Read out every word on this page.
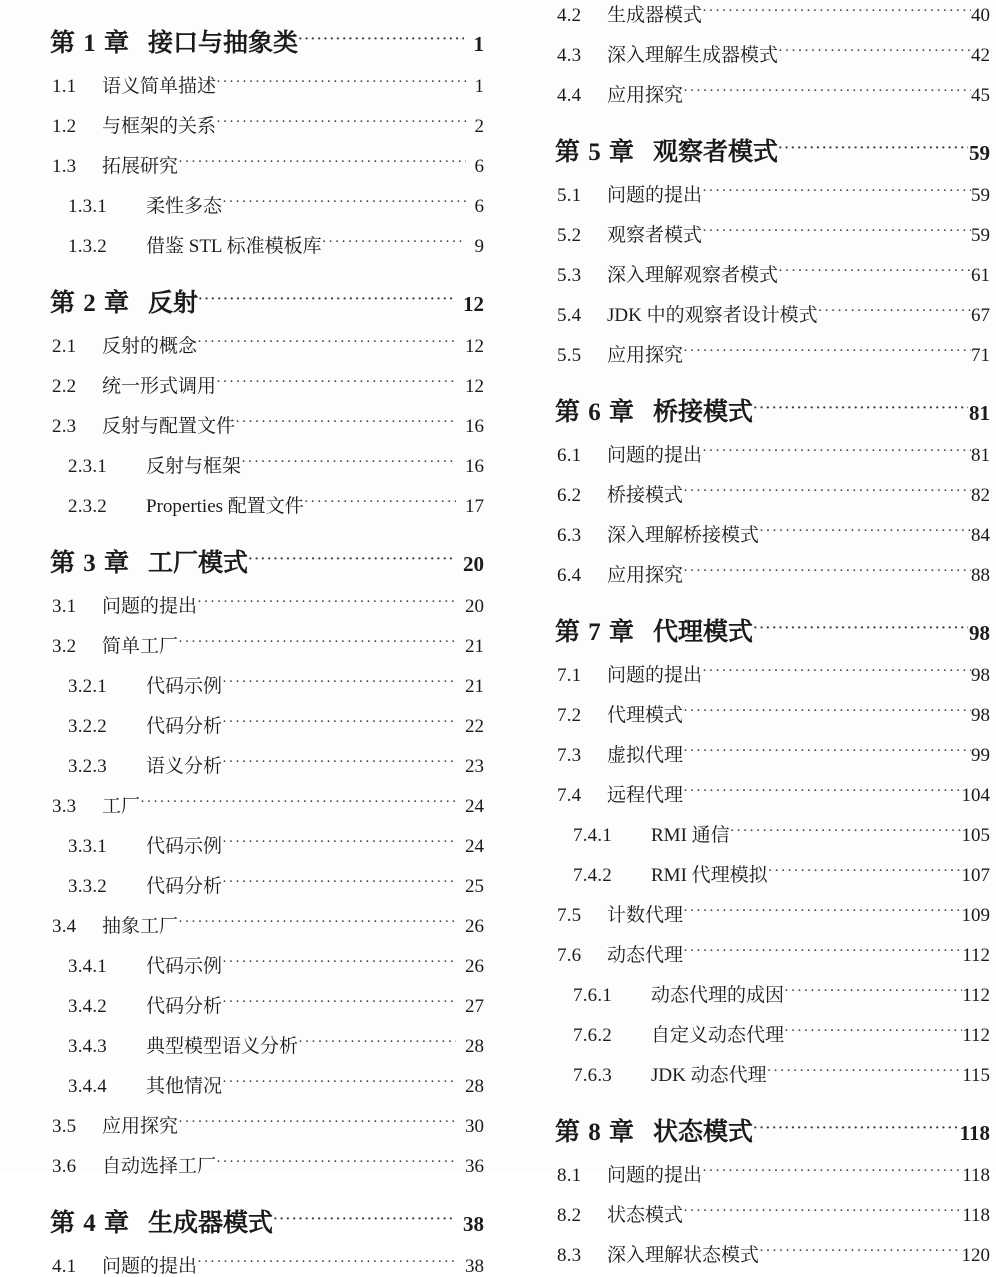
第 1 章 接口与抽象类 ·····	1
1.1	语义简单描述 ·····	1
1.2	与框架的关系 ·····	2
1.3	拓展研究 ·····	6
1.3.1	柔性多态 ·····	6
1.3.2	借鉴 STL 标准模板库 ·····	9
第 2 章 反射 ·····	12
2.1	反射的概念 ·····	12
2.2	统一形式调用 ·····	12
2.3	反射与配置文件 ·····	16
2.3.1	反射与框架 ·····	16
2.3.2	Properties 配置文件 ·····	17
第 3 章 工厂模式 ·····	20
3.1	问题的提出 ·····	20
3.2	简单工厂 ·····	21
3.2.1	代码示例 ·····	21
3.2.2	代码分析 ·····	22
3.2.3	语义分析 ·····	23
3.3	工厂 ·····	24
3.3.1	代码示例 ·····	24
3.3.2	代码分析 ·····	25
3.4	抽象工厂 ·····	26
3.4.1	代码示例 ·····	26
3.4.2	代码分析 ·····	27
3.4.3	典型模型语义分析 ·····	28
3.4.4	其他情况 ·····	28
3.5	应用探究 ·····	30
3.6	自动选择工厂 ·····	36
第 4 章 生成器模式 ·····	38
4.1	问题的提出 ·····	38
4.2	生成器模式 ·····	40
4.3	深入理解生成器模式 ·····	42
4.4	应用探究 ·····	45
第 5 章 观察者模式 ·····	59
5.1	问题的提出 ·····	59
5.2	观察者模式 ·····	59
5.3	深入理解观察者模式 ·····	61
5.4	JDK 中的观察者设计模式 ·····	67
5.5	应用探究 ·····	71
第 6 章 桥接模式 ·····	81
6.1	问题的提出 ·····	81
6.2	桥接模式 ·····	82
6.3	深入理解桥接模式 ·····	84
6.4	应用探究 ·····	88
第 7 章 代理模式 ·····	98
7.1	问题的提出 ·····	98
7.2	代理模式 ·····	98
7.3	虚拟代理 ·····	99
7.4	远程代理 ·····	104
7.4.1	RMI 通信 ·····	105
7.4.2	RMI 代理模拟 ·····	107
7.5	计数代理 ·····	109
7.6	动态代理 ·····	112
7.6.1	动态代理的成因 ·····	112
7.6.2	自定义动态代理 ·····	112
7.6.3	JDK 动态代理 ·····	115
第 8 章 状态模式 ·····	118
8.1	问题的提出 ·····	118
8.2	状态模式 ·····	118
8.3	深入理解状态模式 ·····	120
